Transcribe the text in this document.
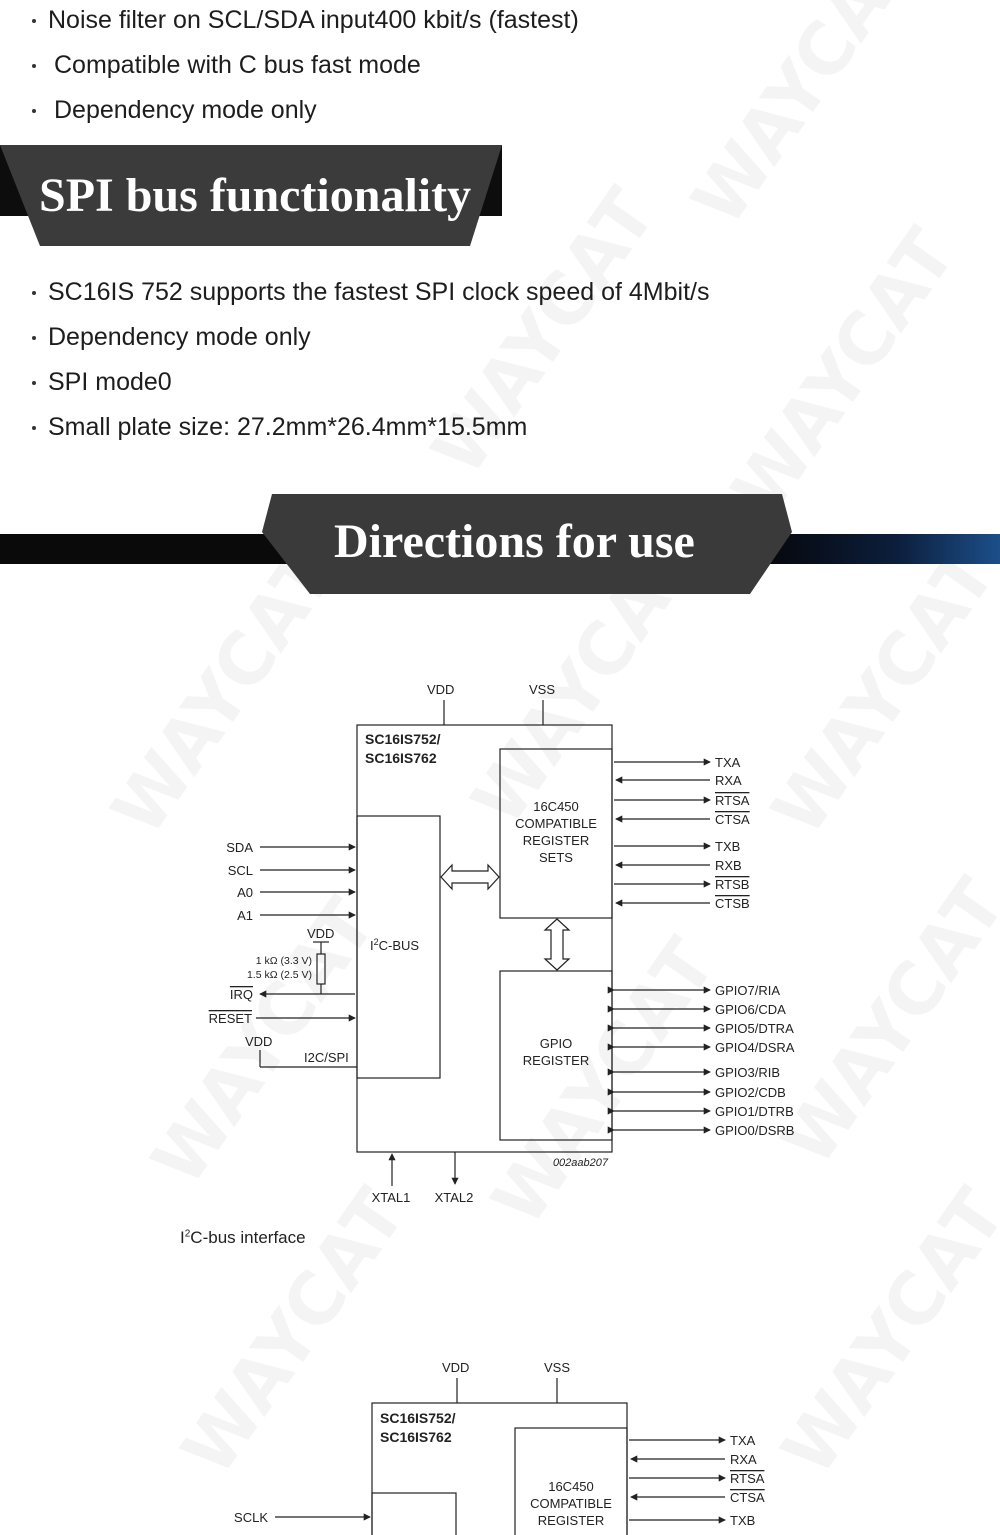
Noise filter on SCL/SDA input400 kbit/s (fastest)
Compatible with C bus fast mode
Dependency mode only
SPI bus functionality
SC16IS 752 supports the fastest SPI clock speed of 4Mbit/s
Dependency mode only
SPI mode0
Small plate size: 27.2mm*26.4mm*15.5mm
Directions for use
VDD	VSS
SC16IS752/
SC16IS762
16C450
COMPATIBLE
REGISTER
SETS
$I^2C$-BUS
GPIO
REGISTER
SDA
SCL
A0
A1
VDD
1 kΩ (3.3 V)
1.5 kΩ (2.5 V)
IRQ
RESET
VDD
I2C/SPI
TXA
RXA
RTSA
CTSA
TXB
RXB
RTSB
CTSB
GPIO7/RIA
GPIO6/CDA
GPIO5/DTRA
GPIO4/DSRA
GPIO3/RIB
GPIO2/CDB
GPIO1/DTRB
GPIO0/DSRB
XTAL1 XTAL2
002aab207
$I^2C$-bus interface
VDD	VSS
SC16IS752/
SC16IS762
16C450
COMPATIBLE
REGISTER
SCLK
TXA
RXA
RTSA
CTSA
TXB
